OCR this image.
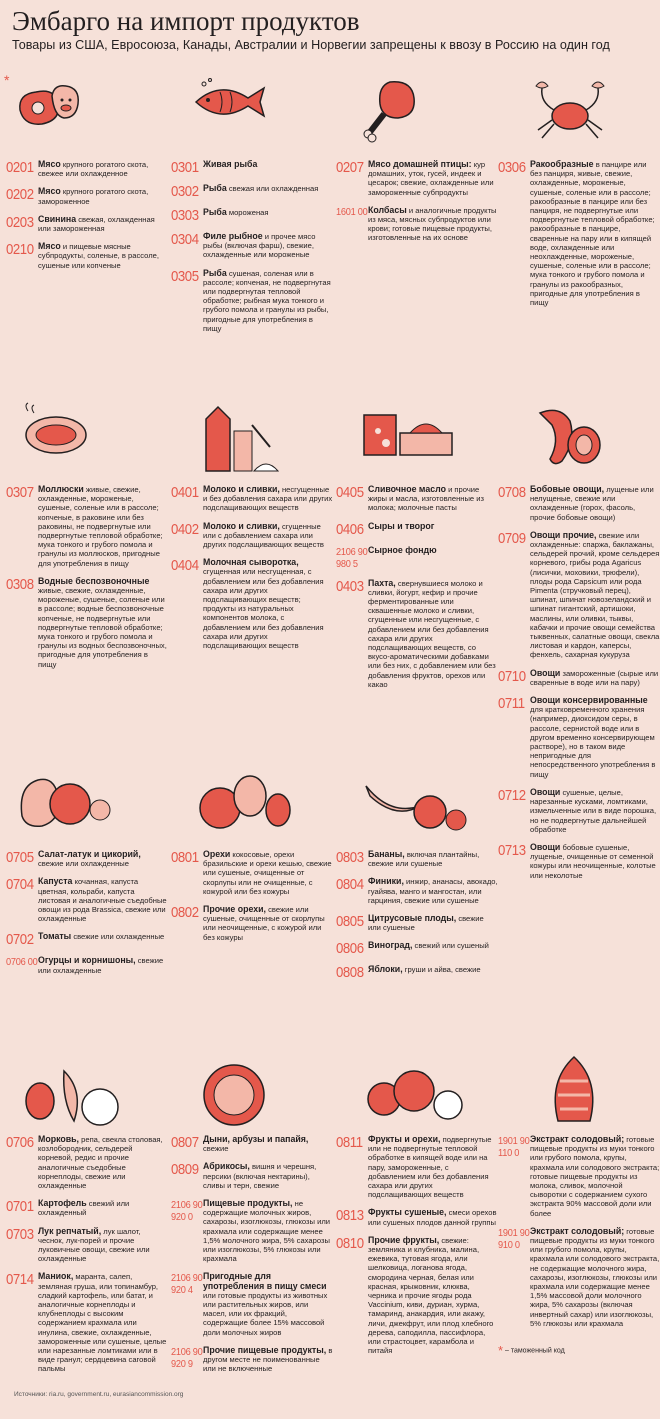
Эмбарго на импорт продуктов
Товары из США, Евросоюза, Канады, Австралии и Норвегии запрещены к ввозу в Россию на один год
*
0201 Мясо крупного рогатого скота, свежее или охлажденное
0202 Мясо крупного рогатого скота, замороженное
0203 Свинина свежая, охлажденная или замороженная
0210 Мясо и пищевые мясные субпродукты, соленые, в рассоле, сушеные или копченые
0301 Живая рыба
0302 Рыба свежая или охлажденная
0303 Рыба мороженая
0304 Филе рыбное и прочее мясо рыбы (включая фарш), свежие, охлажденные или мороженые
0305 Рыба сушеная, соленая или в рассоле; копченая, не подвергнутая или подвергнутая тепловой обработке; рыбная мука тонкого и грубого помола и гранулы из рыбы, пригодные для употребления в пищу
0207 Мясо домашней птицы: кур домашних, уток, гусей, индеек и цесарок; свежие, охлажденные или замороженные субпродукты
1601 00 Колбасы и аналогичные продукты из мяса, мясных субпродуктов или крови; готовые пищевые продукты, изготовленные на их основе
0306 Ракообразные в панцире или без панциря, живые, свежие, охлажденные, мороженые, сушеные, соленые или в рассоле; ракообразные в панцире или без панциря, не подвергнутые или подвергнутые тепловой обработке; ракообразные в панцире, сваренные на пару или в кипящей воде, охлажденные или неохлажденные, мороженые, сушеные, соленые или в рассоле; мука тонкого и грубого помола и гранулы из ракообразных, пригодные для употребления в пищу
0307 Моллюски живые, свежие, охлажденные, мороженые, сушеные, соленые или в рассоле; копченые, в раковине или без раковины, не подвергнутые или подвергнутые тепловой обработке; мука тонкого и грубого помола и гранулы из моллюсков, пригодные для употребления в пищу
0308 Водные беспозвоночные живые, свежие, охлажденные, мороженые, сушеные, соленые или в рассоле; водные беспозвоночные копченые, не подвергнутые или подвергнутые тепловой обработке; мука тонкого и грубого помола и гранулы из водных беспозвоночных, пригодные для употребления в пищу
0401 Молоко и сливки, несгущенные и без добавления сахара или других подслащивающих веществ
0402 Молоко и сливки, сгущенные или с добавлением сахара или других подслащивающих веществ
0404 Молочная сыворотка, сгущенная или несгущенная, с добавлением или без добавления сахара или других подслащивающих веществ; продукты из натуральных компонентов молока, с добавлением или без добавления сахара или других подслащивающих веществ
0405 Сливочное масло и прочие жиры и масла, изготовленные из молока; молочные пасты
0406 Сыры и творог
2106 90
980 5
Сырное фондю
0403 Пахта, свернувшиеся молоко и сливки, йогурт, кефир и прочие ферментированные или сквашенные молоко и сливки, сгущенные или несгущенные, с добавлением или без добавления сахара или других подслащивающих веществ, со вкусо-ароматическими добавками или без них, с добавлением или без добавления фруктов, орехов или какао
0708 Бобовые овощи, лущеные или нелущеные, свежие или охлажденные (горох, фасоль, прочие бобовые овощи)
0709 Овощи прочие, свежие или охлажденные: спаржа, баклажаны, сельдерей прочий, кроме сельдерея корневого, грибы рода Agaricus (лисички, моховики, трюфели), плоды рода Capsicum или рода Pimenta (стручковый перец), шпинат, шпинат новозеландский и шпинат гигантский, артишоки, маслины, или оливки, тыквы, кабачки и прочие овощи семейства тыквенных, салатные овощи, свекла листовая и кардон, каперсы, фенхель, сахарная кукуруза
0710 Овощи замороженные (сырые или сваренные в воде или на пару)
0711 Овощи консервированные для кратковременного хранения (например, диоксидом серы, в рассоле, сернистой воде или в другом временно консервирующем растворе), но в таком виде непригодные для непосредственного употребления в пищу
0712 Овощи сушеные, целые, нарезанные кусками, ломтиками, измельченные или в виде порошка, но не подвергнутые дальнейшей обработке
0713 Овощи бобовые сушеные, лущеные, очищенные от семенной кожуры или неочищенные, колотые или неколотые
0705 Салат-латук и цикорий, свежие или охлажденные
0704 Капуста кочанная, капуста цветная, кольраби, капуста листовая и аналогичные съедобные овощи из рода Brassica, свежие или охлажденные
0702 Томаты свежие или охлажденные
0706 00 Огурцы и корнишоны, свежие или охлажденные
0801 Орехи кокосовые, орехи бразильские и орехи кешью, свежие или сушеные, очищенные от скорлупы или не очищенные, с кожурой или без кожуры
0802 Прочие орехи, свежие или сушеные, очищенные от скорлупы или неочищенные, с кожурой или без кожуры
0803 Бананы, включая плантайны, свежие или сушеные
0804 Финики, инжир, ананасы, авокадо, гуайява, манго и мангостан, или гарциния, свежие или сушеные
0805 Цитрусовые плоды, свежие или сушеные
0806 Виноград, свежий или сушеный
0808 Яблоки, груши и айва, свежие
0706 Морковь, репа, свекла столовая, козлобородник, сельдерей корневой, редис и прочие аналогичные съедобные корнеплоды, свежие или охлажденные
0701 Картофель свежий или охлажденный
0703 Лук репчатый, лук шалот, чеснок, лук-порей и прочие луковичные овощи, свежие или охлажденные
0714 Маниок, маранта, салеп, земляная груша, или топинамбур, сладкий картофель, или батат, и аналогичные корнеплоды и клубнеплоды с высоким содержанием крахмала или инулина, свежие, охлажденные, замороженные или сушеные, целые или нарезанные ломтиками или в виде гранул; сердцевина саговой пальмы
0807 Дыни, арбузы и папайя, свежие
0809 Абрикосы, вишня и черешня, персики (включая нектарины), сливы и терн, свежие
2106 90
920 0
Пищевые продукты, не содержащие молочных жиров, сахарозы, изоглюкозы, глюкозы или крахмала или содержащие менее 1,5% молочного жира, 5% сахарозы или изоглюкозы, 5% глюкозы или крахмала
2106 90
920 4
Пригодные для употребления в пищу смеси или готовые продукты из животных или растительных жиров, или масел, или их фракций, содержащие более 15% массовой доли молочных жиров
2106 90
920 9
Прочие пищевые продукты, в другом месте не поименованные или не включенные
0811 Фрукты и орехи, подвергнутые или не подвергнутые тепловой обработке в кипящей воде или на пару, замороженные, с добавлением или без добавления сахара или других подслащивающих веществ
0813 Фрукты сушеные, смеси орехов или сушеных плодов данной группы
0810 Прочие фрукты, свежие: земляника и клубника, малина, ежевика, тутовая ягода, или шелковица, логанова ягода, смородина черная, белая или красная, крыжовник, клюква, черника и прочие ягоды рода Vaccinium, киви, дуриан, хурма, тамаринд, анакардия, или акажу, личи, джекфрут, или плод хлебного дерева, саподилла, пассифлора, или страстоцвет, карамбола и питайя
1901 90
110 0
Экстракт солодовый; готовые пищевые продукты из муки тонкого или грубого помола, крупы, крахмала или солодового экстракта; готовые пищевые продукты из молока, сливок, молочной сыворотки с содержанием сухого экстракта 90% массовой доли или более
1901 90
910 0
Экстракт солодовый; готовые пищевые продукты из муки тонкого или грубого помола, крупы, крахмала или солодового экстракта, не содержащие молочного жира, сахарозы, изоглюкозы, глюкозы или крахмала или содержащие менее 1,5% массовой доли молочного жира, 5% сахарозы (включая инвертный сахар) или изоглюкозы, 5% глюкозы или крахмала
* – таможенный код
Источники: ria.ru, government.ru, eurasiancommission.org
